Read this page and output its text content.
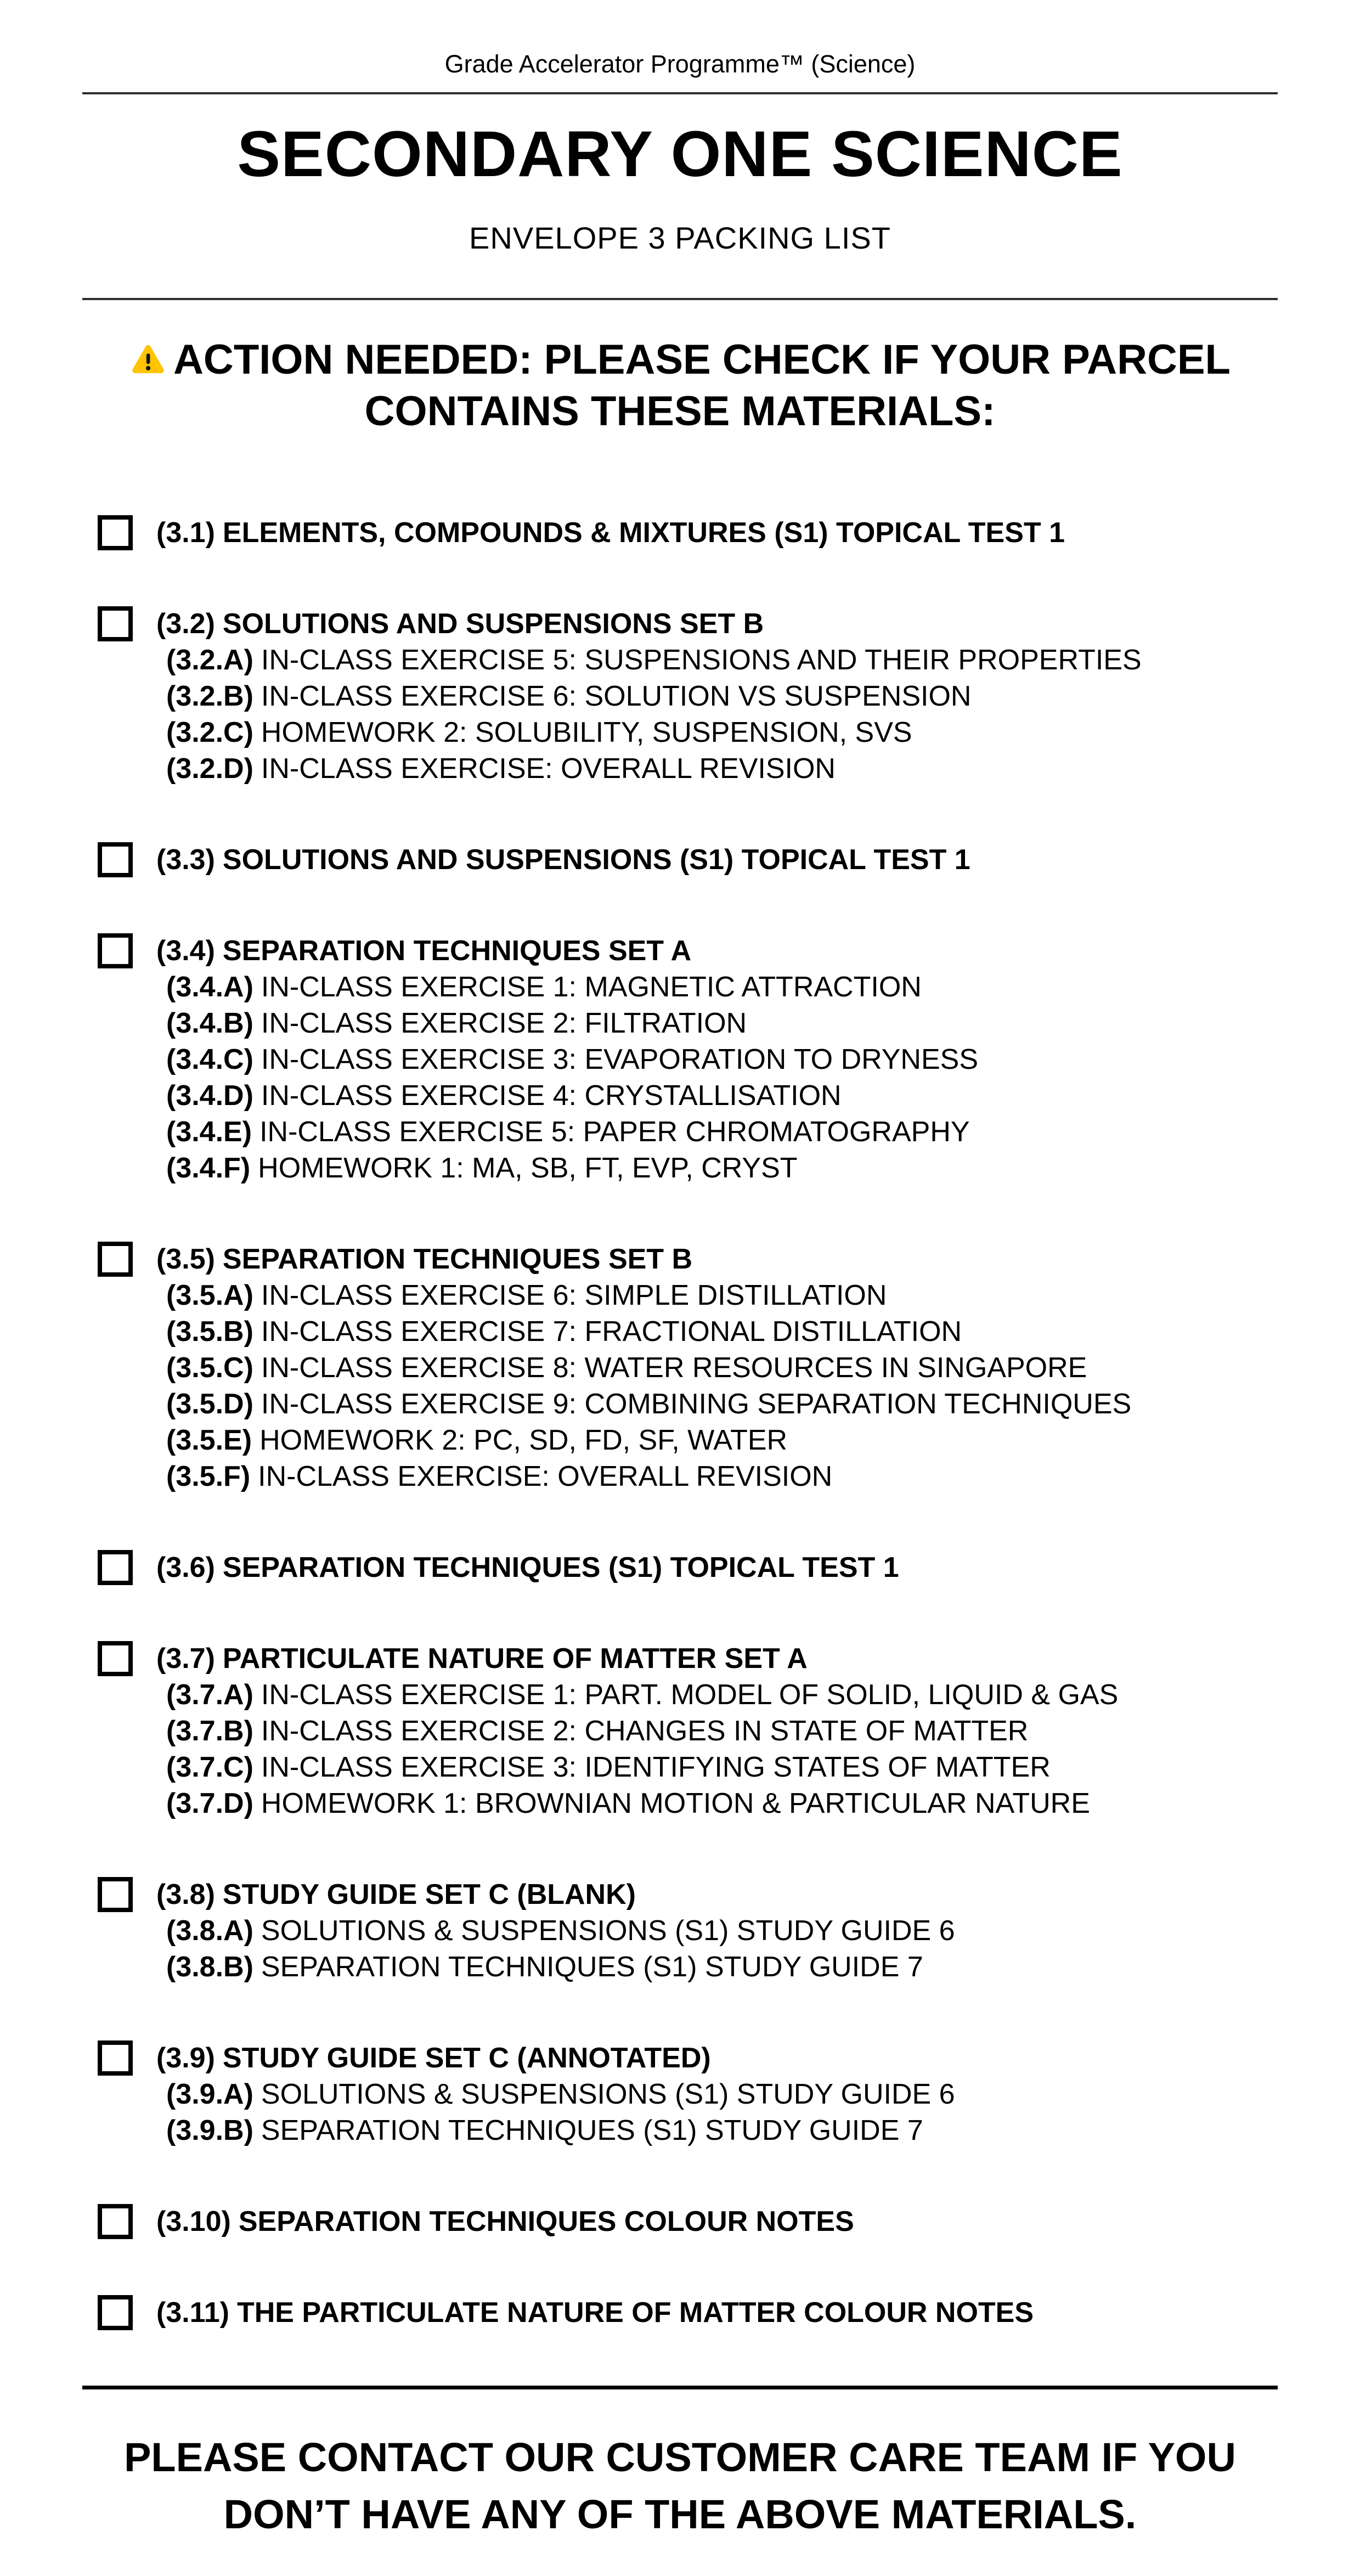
Grade Accelerator Programme™ (Science)
SECONDARY ONE SCIENCE
ENVELOPE 3 PACKING LIST
ACTION NEEDED: PLEASE CHECK IF YOUR PARCEL CONTAINS THESE MATERIALS:
(3.1) ELEMENTS, COMPOUNDS & MIXTURES (S1) TOPICAL TEST 1
(3.2) SOLUTIONS AND SUSPENSIONS SET B
(3.2.A) IN-CLASS EXERCISE 5: SUSPENSIONS AND THEIR PROPERTIES
(3.2.B) IN-CLASS EXERCISE 6: SOLUTION VS SUSPENSION
(3.2.C) HOMEWORK 2: SOLUBILITY, SUSPENSION, SVS
(3.2.D) IN-CLASS EXERCISE: OVERALL REVISION
(3.3) SOLUTIONS AND SUSPENSIONS (S1) TOPICAL TEST 1
(3.4) SEPARATION TECHNIQUES SET A
(3.4.A) IN-CLASS EXERCISE 1: MAGNETIC ATTRACTION
(3.4.B) IN-CLASS EXERCISE 2: FILTRATION
(3.4.C) IN-CLASS EXERCISE 3: EVAPORATION TO DRYNESS
(3.4.D) IN-CLASS EXERCISE 4: CRYSTALLISATION
(3.4.E) IN-CLASS EXERCISE 5: PAPER CHROMATOGRAPHY
(3.4.F) HOMEWORK 1: MA, SB, FT, EVP, CRYST
(3.5) SEPARATION TECHNIQUES SET B
(3.5.A) IN-CLASS EXERCISE 6: SIMPLE DISTILLATION
(3.5.B) IN-CLASS EXERCISE 7: FRACTIONAL DISTILLATION
(3.5.C) IN-CLASS EXERCISE 8: WATER RESOURCES IN SINGAPORE
(3.5.D) IN-CLASS EXERCISE 9: COMBINING SEPARATION TECHNIQUES
(3.5.E) HOMEWORK 2: PC, SD, FD, SF, WATER
(3.5.F) IN-CLASS EXERCISE: OVERALL REVISION
(3.6) SEPARATION TECHNIQUES (S1) TOPICAL TEST 1
(3.7) PARTICULATE NATURE OF MATTER SET A
(3.7.A) IN-CLASS EXERCISE 1: PART. MODEL OF SOLID, LIQUID & GAS
(3.7.B) IN-CLASS EXERCISE 2: CHANGES IN STATE OF MATTER
(3.7.C) IN-CLASS EXERCISE 3: IDENTIFYING STATES OF MATTER
(3.7.D) HOMEWORK 1: BROWNIAN MOTION & PARTICULAR NATURE
(3.8) STUDY GUIDE SET C (BLANK)
(3.8.A) SOLUTIONS & SUSPENSIONS (S1) STUDY GUIDE 6
(3.8.B) SEPARATION TECHNIQUES (S1) STUDY GUIDE 7
(3.9) STUDY GUIDE SET C (ANNOTATED)
(3.9.A) SOLUTIONS & SUSPENSIONS (S1) STUDY GUIDE 6
(3.9.B) SEPARATION TECHNIQUES (S1) STUDY GUIDE 7
(3.10) SEPARATION TECHNIQUES COLOUR NOTES
(3.11) THE PARTICULATE NATURE OF MATTER COLOUR NOTES
PLEASE CONTACT OUR CUSTOMER CARE TEAM IF YOU DON’T HAVE ANY OF THE ABOVE MATERIALS.
